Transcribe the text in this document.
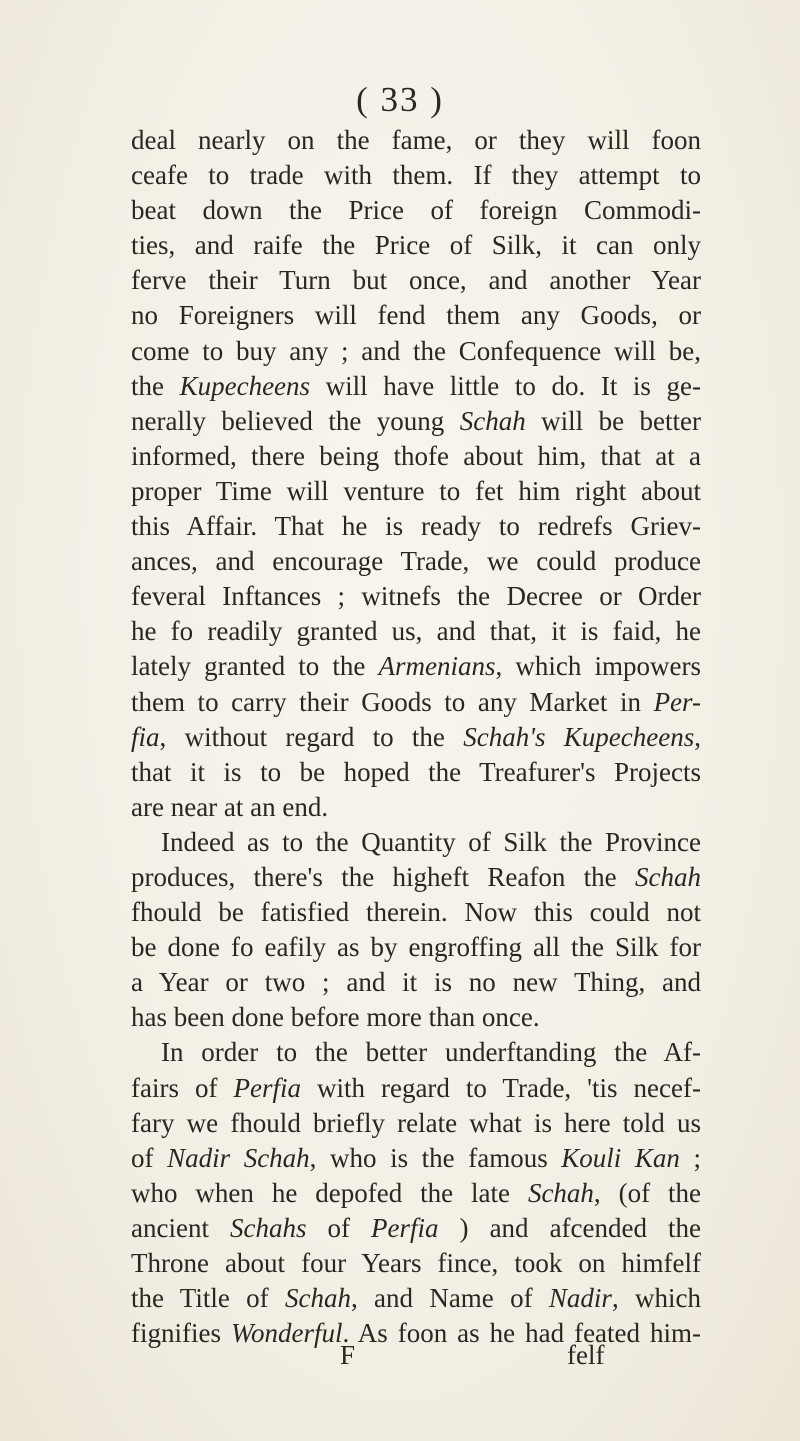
( 33 )
deal nearly on the fame, or they will foon
ceafe to trade with them. If they attempt to
beat down the Price of foreign Commodi-
ties, and raife the Price of Silk, it can only
ferve their Turn but once, and another Year
no Foreigners will fend them any Goods, or
come to buy any ; and the Confequence will be,
the Kupecheens will have little to do. It is ge-
nerally believed the young Schah will be better
informed, there being thofe about him, that at a
proper Time will venture to fet him right about
this Affair. That he is ready to redrefs Griev-
ances, and encourage Trade, we could produce
feveral Inftances ; witnefs the Decree or Order
he fo readily granted us, and that, it is faid, he
lately granted to the Armenians, which impowers
them to carry their Goods to any Market in Per-
fia, without regard to the Schah's Kupecheens,
that it is to be hoped the Treafurer's Projects
are near at an end.
Indeed as to the Quantity of Silk the Province
produces, there's the higheft Reafon the Schah
fhould be fatisfied therein. Now this could not
be done fo eafily as by engroffing all the Silk for
a Year or two ; and it is no new Thing, and
has been done before more than once.
In order to the better underftanding the Af-
fairs of Perfia with regard to Trade, 'tis necef-
fary we fhould briefly relate what is here told us
of Nadir Schah, who is the famous Kouli Kan ;
who when he depofed the late Schah, (of the
ancient Schahs of Perfia ) and afcended the
Throne about four Years fince, took on himfelf
the Title of Schah, and Name of Nadir, which
fignifies Wonderful. As foon as he had feated him-
F	felf
